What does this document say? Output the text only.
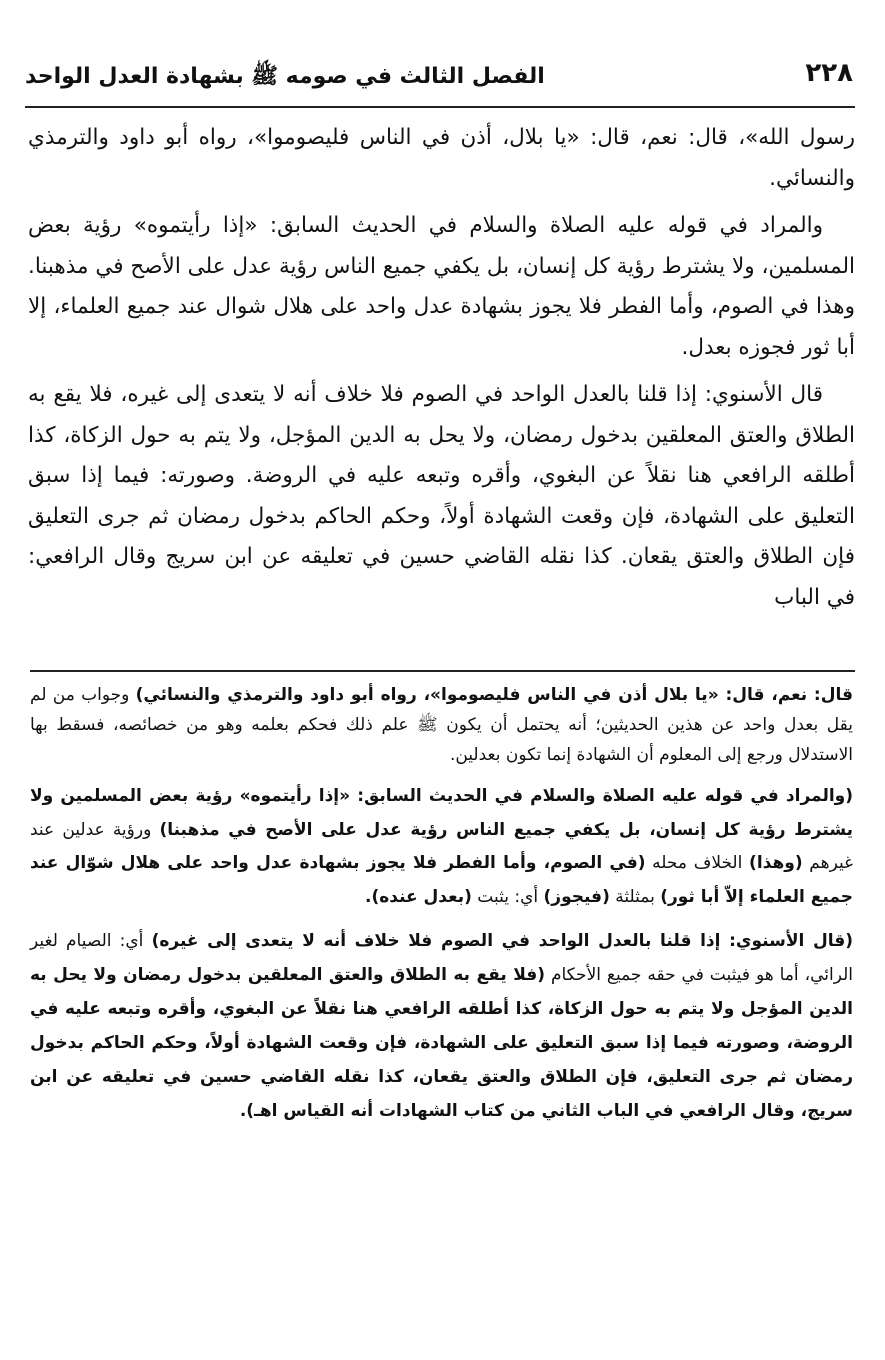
٢٢٨
الفصل الثالث في صومه ﷺ بشهادة العدل الواحد

رسول الله»، قال: نعم، قال: «يا بلال، أذن في الناس فليصوموا»، رواه أبو داود والترمذي والنسائي.

والمراد في قوله عليه الصلاة والسلام في الحديث السابق: «إذا رأيتموه» رؤية بعض المسلمين، ولا يشترط رؤية كل إنسان، بل يكفي جميع الناس رؤية عدل على الأصح في مذهبنا. وهذا في الصوم، وأما الفطر فلا يجوز بشهادة عدل واحد على هلال شوال عند جميع العلماء، إلا أبا ثور فجوزه بعدل.

قال الأسنوي: إذا قلنا بالعدل الواحد في الصوم فلا خلاف أنه لا يتعدى إلى غيره، فلا يقع به الطلاق والعتق المعلقين بدخول رمضان، ولا يحل به الدين المؤجل، ولا يتم به حول الزكاة، كذا أطلقه الرافعي هنا نقلاً عن البغوي، وأقره وتبعه عليه في الروضة. وصورته: فيما إذا سبق التعليق على الشهادة، فإن وقعت الشهادة أولاً، وحكم الحاكم بدخول رمضان ثم جرى التعليق فإن الطلاق والعتق يقعان. كذا نقله القاضي حسين في تعليقه عن ابن سريج وقال الرافعي: في الباب

قال: نعم، قال: «يا بلال أذن في الناس فليصوموا»، رواه أبو داود والترمذي والنسائي) وجواب من لم يقل بعدل واحد عن هذين الحديثين؛ أنه يحتمل أن يكون ﷺ علم ذلك فحكم بعلمه وهو من خصائصه، فسقط بها الاستدلال ورجع إلى المعلوم أن الشهادة إنما تكون بعدلين.

(والمراد في قوله عليه الصلاة والسلام في الحديث السابق: «إذا رأيتموه» رؤية بعض المسلمين ولا يشترط رؤية كل إنسان، بل يكفي جميع الناس رؤية عدل على الأصح في مذهبنا) ورؤية عدلين عند غيرهم (وهذا) الخلاف محله (في الصوم، وأما الفطر فلا يجوز بشهادة عدل واحد على هلال شوّال عند جميع العلماء إلاّ أبا ثور) بمثلثة (فيجوز) أي: يثبت (بعدل عنده).

(قال الأسنوي: إذا قلنا بالعدل الواحد في الصوم فلا خلاف أنه لا يتعدى إلى غيره) أي: الصيام لغير الرائي، أما هو فيثبت في حقه جميع الأحكام (فلا يقع به الطلاق والعتق المعلقين بدخول رمضان ولا يحل به الدين المؤجل ولا يتم به حول الزكاة، كذا أطلقه الرافعي هنا نقلاً عن البغوي، وأقره وتبعه عليه في الروضة، وصورته فيما إذا سبق التعليق على الشهادة، فإن وقعت الشهادة أولاً، وحكم الحاكم بدخول رمضان ثم جرى التعليق، فإن الطلاق والعتق يقعان، كذا نقله القاضي حسين في تعليقه عن ابن سريج، وقال الرافعي في الباب الثاني من كتاب الشهادات أنه القياس اهـ).
